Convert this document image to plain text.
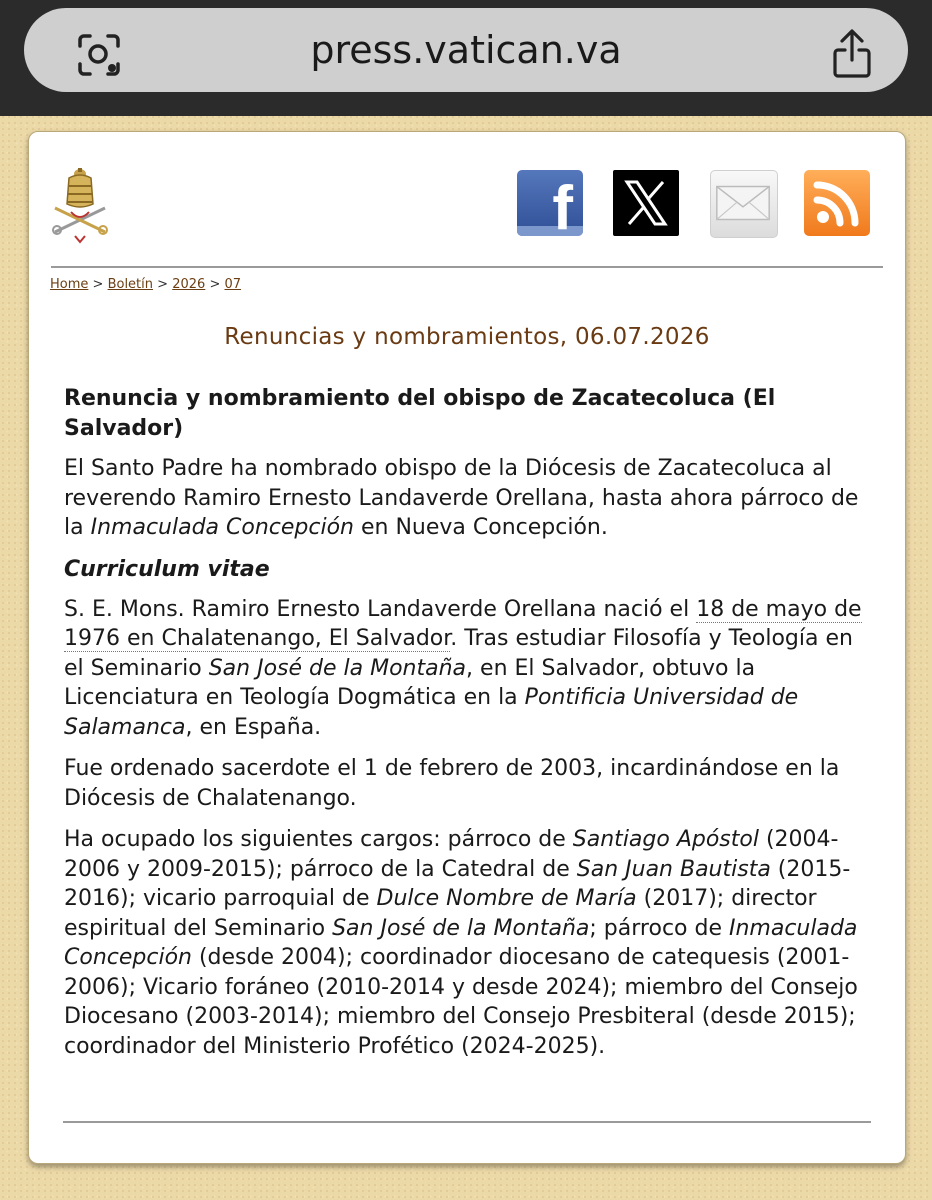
press.vatican.va
f
Home > Boletín > 2026 > 07
Renuncias y nombramientos, 06.07.2026
Renuncia y nombramiento del obispo de Zacatecoluca (El Salvador)

El Santo Padre ha nombrado obispo de la Diócesis de Zacatecoluca al reverendo Ramiro Ernesto Landaverde Orellana, hasta ahora párroco de la Inmaculada Concepción en Nueva Concepción.

Curriculum vitae

S. E. Mons. Ramiro Ernesto Landaverde Orellana nació el 18 de mayo de 1976 en Chalatenango, El Salvador. Tras estudiar Filosofía y Teología en el Seminario San José de la Montaña, en El Salvador, obtuvo la Licenciatura en Teología Dogmática en la Pontificia Universidad de Salamanca, en España.

Fue ordenado sacerdote el 1 de febrero de 2003, incardinándose en la Diócesis de Chalatenango.

Ha ocupado los siguientes cargos: párroco de Santiago Apóstol (2004-2006 y 2009-2015); párroco de la Catedral de San Juan Bautista (2015-2016); vicario parroquial de Dulce Nombre de María (2017); director espiritual del Seminario San José de la Montaña; párroco de Inmaculada Concepción (desde 2004); coordinador diocesano de catequesis (2001-2006); Vicario foráneo (2010-2014 y desde 2024); miembro del Consejo Diocesano (2003-2014); miembro del Consejo Presbiteral (desde 2015); coordinador del Ministerio Profético (2024-2025).
